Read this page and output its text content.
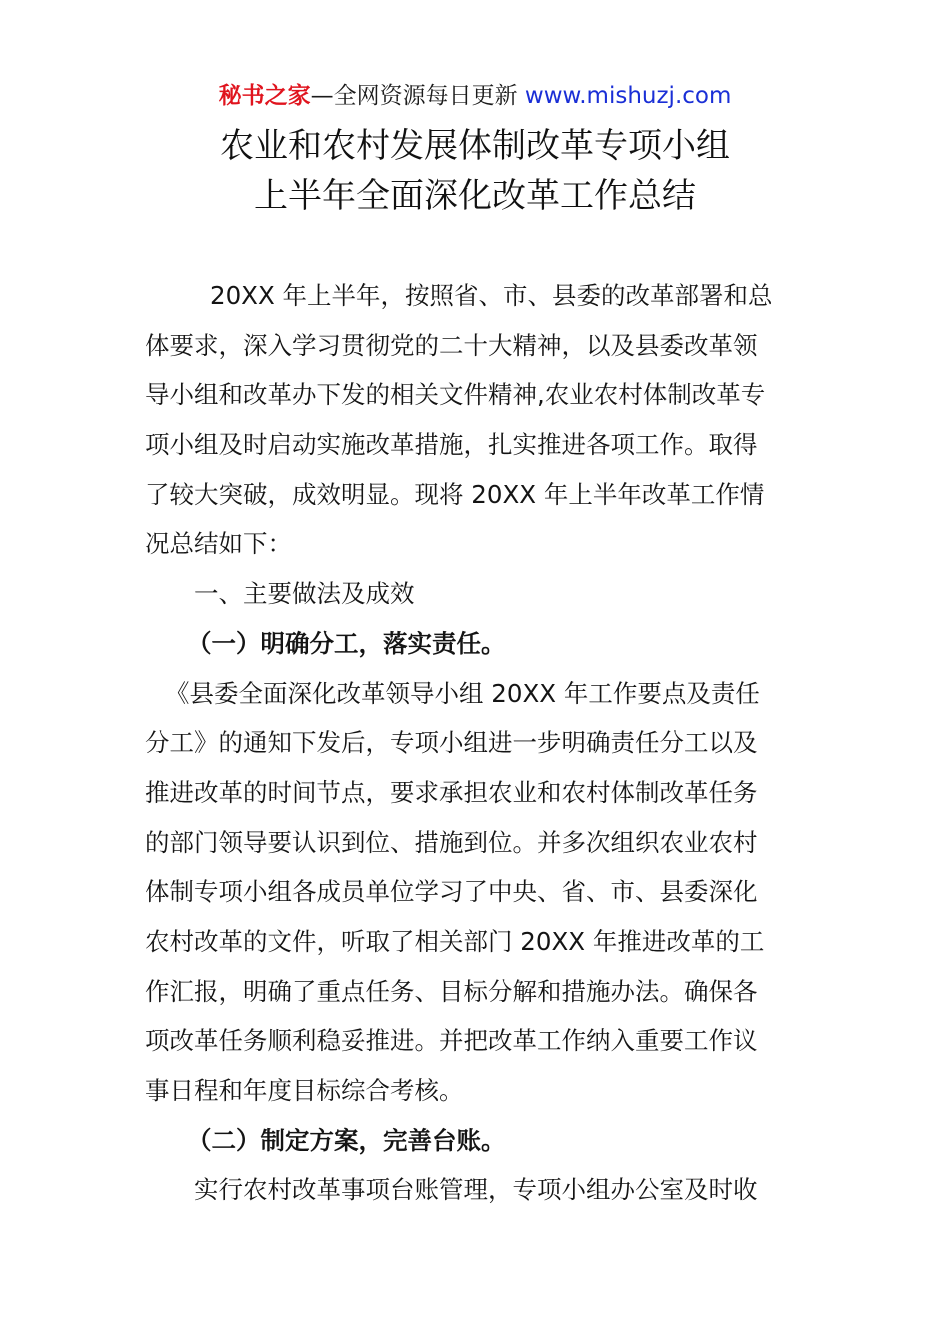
秘书之家—全网资源每日更新 www.mishuzj.com
农业和农村发展体制改革专项小组
上半年全面深化改革工作总结
20XX 年上半年，按照省、市、县委的改革部署和总
体要求，深入学习贯彻党的二十大精神，以及县委改革领
导小组和改革办下发的相关文件精神,农业农村体制改革专
项小组及时启动实施改革措施，扎实推进各项工作。取得
了较大突破，成效明显。现将 20XX 年上半年改革工作情
况总结如下：
一、主要做法及成效
（一）明确分工，落实责任。
《县委全面深化改革领导小组 20XX 年工作要点及责任
分工》的通知下发后，专项小组进一步明确责任分工以及
推进改革的时间节点，要求承担农业和农村体制改革任务
的部门领导要认识到位、措施到位。并多次组织农业农村
体制专项小组各成员单位学习了中央、省、市、县委深化
农村改革的文件，听取了相关部门 20XX 年推进改革的工
作汇报，明确了重点任务、目标分解和措施办法。确保各
项改革任务顺利稳妥推进。并把改革工作纳入重要工作议
事日程和年度目标综合考核。
（二）制定方案，完善台账。
实行农村改革事项台账管理，专项小组办公室及时收
